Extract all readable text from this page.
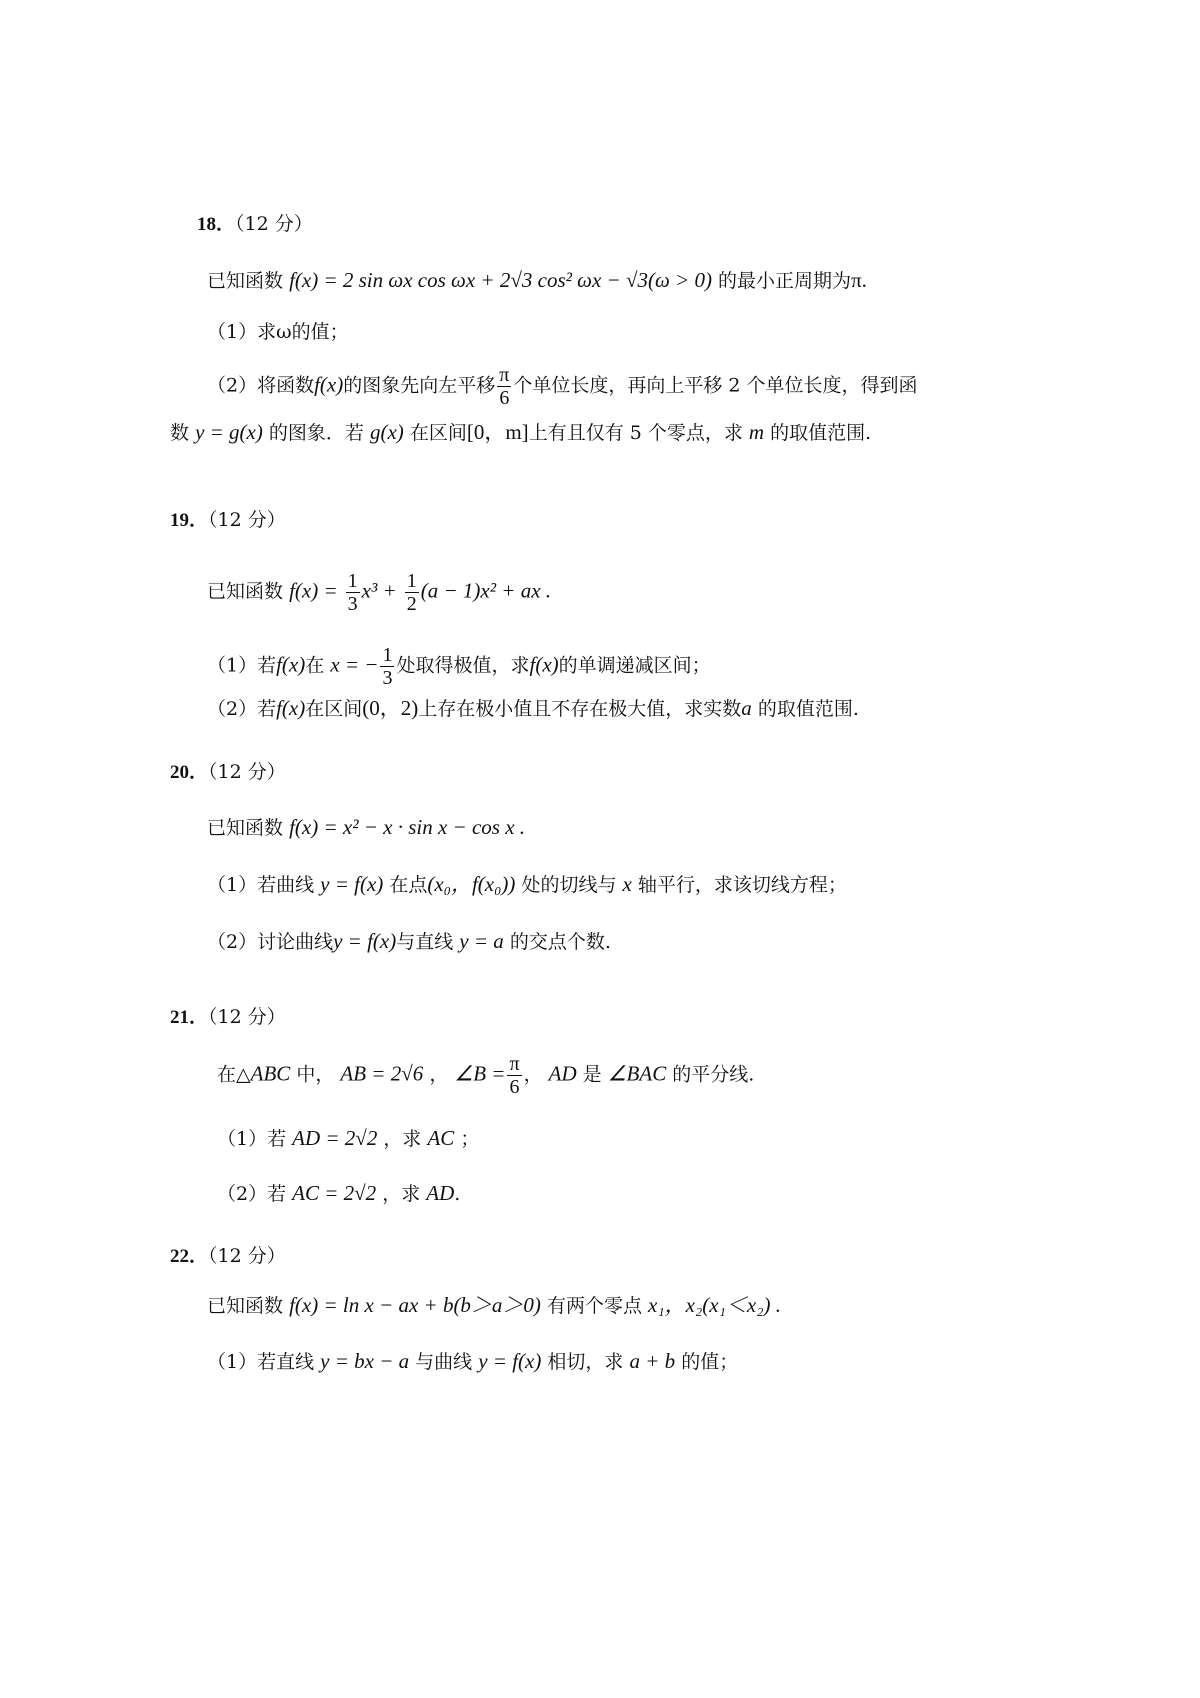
18．（12 分）
已知函数 f(x) = 2 sin ωx cos ωx + 2√3 cos² ωx − √3(ω > 0) 的最小正周期为π.
（1）求ω的值；
（2）将函数f(x)的图象先向左平移 $\frac{\pi}{6}$ 个单位长度，再向上平移 2 个单位长度，得到函
数 y = g(x) 的图象．若 g(x) 在区间[0，m]上有且仅有 5 个零点，求 m 的取值范围.
19．（12 分）
已知函数 $f(x) = \frac{1}{3} x^3 + \frac{1}{2} (a - 1)x^2$ + ax .
（1）若f(x)在 x = − $\frac{1}{3}$ 处取得极值，求f(x)的单调递减区间；
（2）若f(x)在区间(0，2)上存在极小值且不存在极大值，求实数a 的取值范围.
20．（12 分）
已知函数 f(x) = x² − x · sin x − cos x .
（1）若曲线 y = f(x) 在点(x₀，f(x₀)) 处的切线与 x 轴平行，求该切线方程；
（2）讨论曲线y = f(x)与直线 y = a 的交点个数.
21．（12 分）
在△ABC 中， AB = 2√6 ， ∠B = $\frac{\pi}{6}$ ， AD 是 ∠BAC 的平分线.
（1）若 AD = 2√2 ，求 AC ；
（2）若 AC = 2√2 ，求 AD.
22．（12 分）
已知函数 f(x) = ln x − ax + b(b＞a＞0) 有两个零点 x₁，x₂(x₁＜x₂) .
（1）若直线 y = bx − a 与曲线 y = f(x) 相切，求 a + b 的值；
